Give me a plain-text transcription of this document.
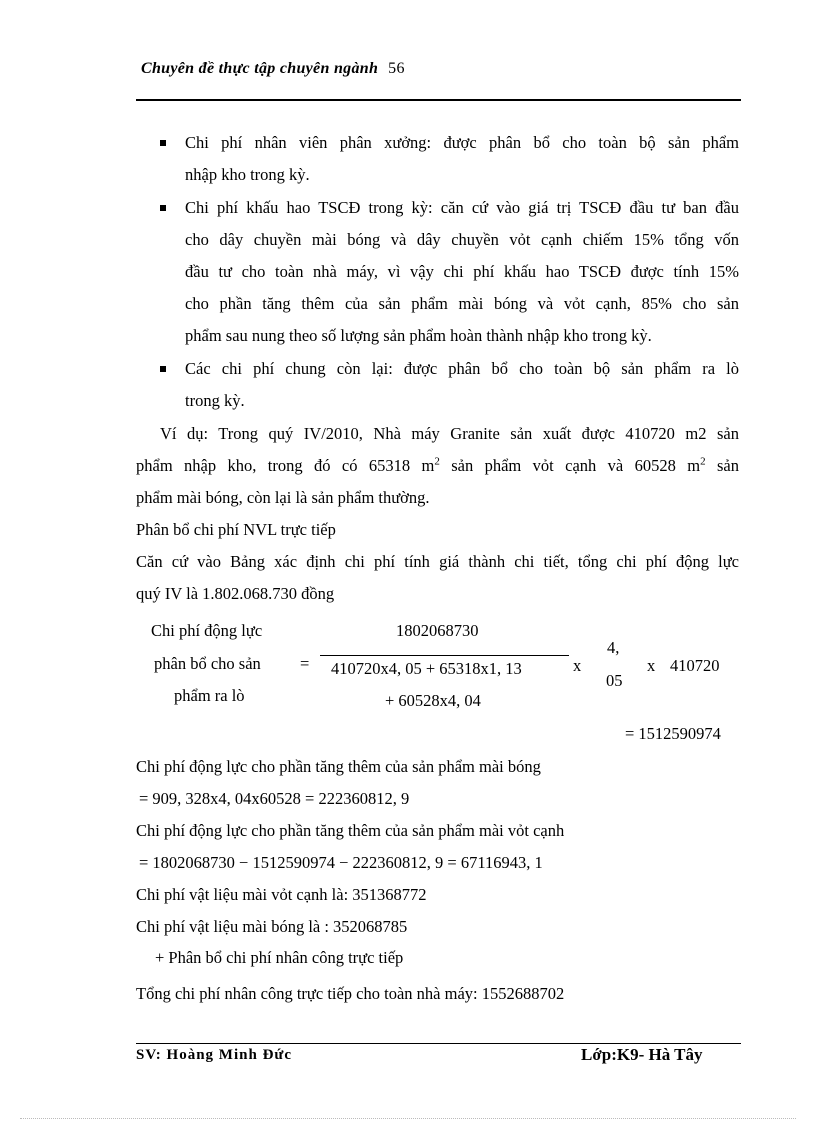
Chuyên đề thực tập chuyên ngành 56
Chi phí nhân viên phân xưởng: được phân bổ cho toàn bộ sản phẩm
nhập kho trong kỳ.
Chi phí khấu hao TSCĐ trong kỳ: căn cứ vào giá trị TSCĐ đầu tư ban đầu
cho dây chuyền mài bóng và dây chuyền vỏt cạnh chiếm 15% tổng vốn
đầu tư cho toàn nhà máy, vì vậy chi phí khấu hao TSCĐ được tính 15%
cho phần tăng thêm của sản phẩm mài bóng và vỏt cạnh, 85% cho sản
phẩm sau nung theo số lượng sản phẩm hoàn thành nhập kho trong kỳ.
Các chi phí chung còn lại: được phân bổ cho toàn bộ sản phẩm ra lò
trong kỳ.
Ví dụ: Trong quý IV/2010, Nhà máy Granite sản xuất được 410720 m2 sản
phẩm nhập kho, trong đó có 65318 $m^2$ sản phẩm vỏt cạnh và 60528 $m^2$ sản
phẩm mài bóng, còn lại là sản phẩm thường.
Phân bổ chi phí NVL trực tiếp
Căn cứ vào Bảng xác định chi phí tính giá thành chi tiết, tổng chi phí động lực
quý IV là 1.802.068.730 đồng
Chi phí động lực
phân bổ cho sản
phẩm ra lò
=
1802068730
410720x4, 05 + 65318x1, 13
+ 60528x4, 04
x
4,
05
x 410720
= 1512590974
Chi phí động lực cho phần tăng thêm của sản phẩm mài bóng
= 909, 328x4, 04x60528 = 222360812, 9
Chi phí động lực cho phần tăng thêm của sản phẩm mài vỏt cạnh
= 1802068730 − 1512590974 − 222360812, 9 = 67116943, 1
Chi phí vật liệu mài vỏt cạnh là: 351368772
Chi phí vật liệu mài bóng là : 352068785
+ Phân bổ chi phí nhân công trực tiếp
Tổng chi phí nhân công trực tiếp cho toàn nhà máy: 1552688702
SV: Hoàng Minh Đức	Lớp:K9- Hà Tây
